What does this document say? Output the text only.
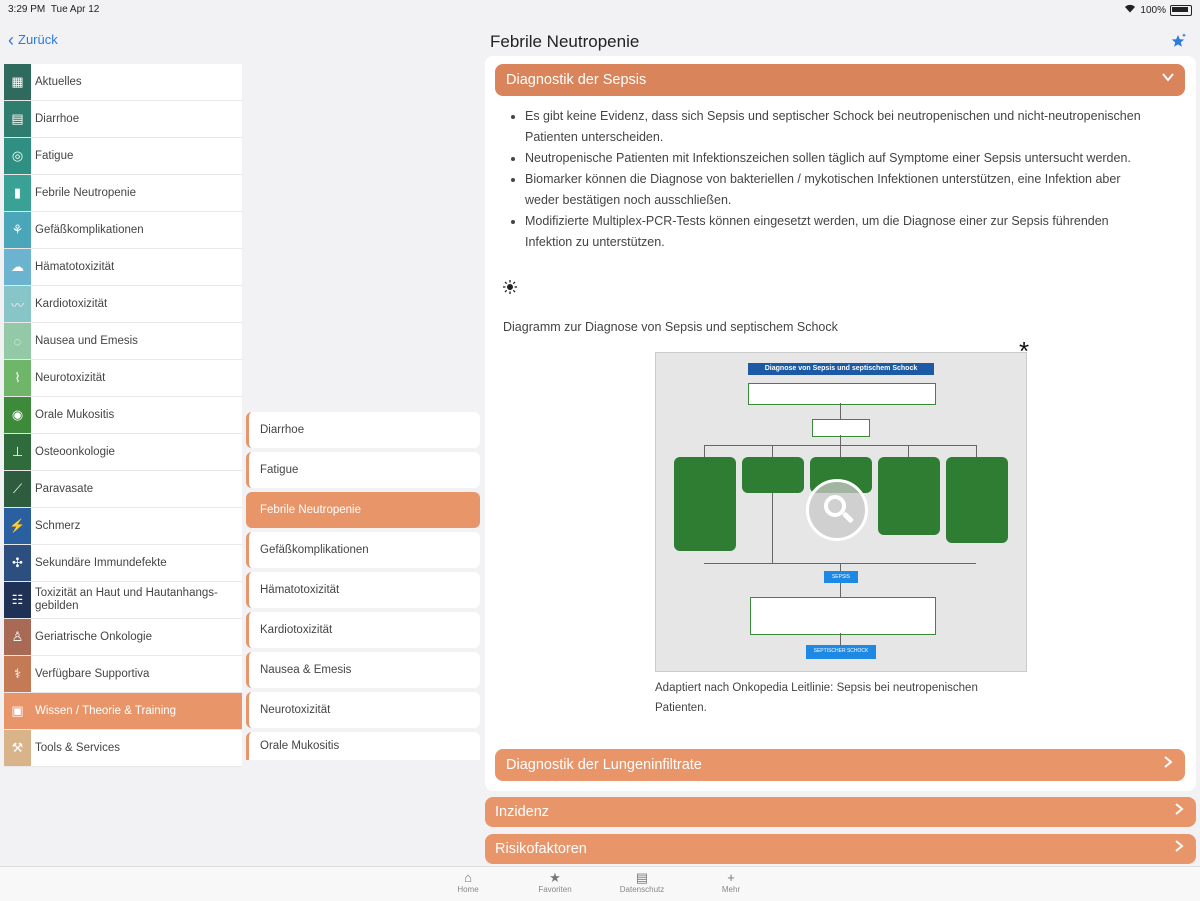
3:29 PM Tue Apr 12	100%
‹ Zurück	Febrile Neutropenie
▦ Aktuelles
▤ Diarrhoe
◎	Fatigue
▮	Febrile Neutropenie
⚘	Gefäßkomplikationen
☁ Hämatotoxizität
〰 Kardiotoxizität
◌	Nausea und Emesis
⌇	Neurotoxizität
◉	Orale Mukositis
⊥	Osteoonkologie
⟋	Paravasate
⚡ Schmerz
✣	Sekundäre Immundefekte
☷	Toxizität an Haut und Hautanhangs-gebilden
♙	Geriatrische Onkologie
⚕	Verfügbare Supportiva
▣ Wissen / Theorie & Training
⚒	Tools & Services
Diarrhoe
Fatigue
Febrile Neutropenie
Gefäßkomplikationen
Hämatotoxizität
Kardiotoxizität
Nausea & Emesis
Neurotoxizität
Orale Mukositis
Diagnostik der Sepsis
• Es gibt keine Evidenz, dass sich Sepsis und septischer Schock bei neutropenischen und nicht-neutropenischen Patienten unterscheiden.
• Neutropenische Patienten mit Infektionszeichen sollen täglich auf Symptome einer Sepsis untersucht werden.
• Biomarker können die Diagnose von bakteriellen / mykotischen Infektionen unterstützen, eine Infektion aber weder bestätigen noch ausschließen.
• Modifizierte Multiplex-PCR-Tests können eingesetzt werden, um die Diagnose einer zur Sepsis führenden Infektion zu unterstützen.
Diagramm zur Diagnose von Sepsis und septischem Schock
Diagnose von Sepsis und septischem Schock
SEPSIS
SEPTISCHER SCHOCK
*
Adaptiert nach Onkopedia Leitlinie: Sepsis bei neutropenischen Patienten.
Diagnostik der Lungeninfiltrate
Inzidenz
Risikofaktoren
⌂
Home
★
Favoriten
▤
Datenschutz
+
Mehr
